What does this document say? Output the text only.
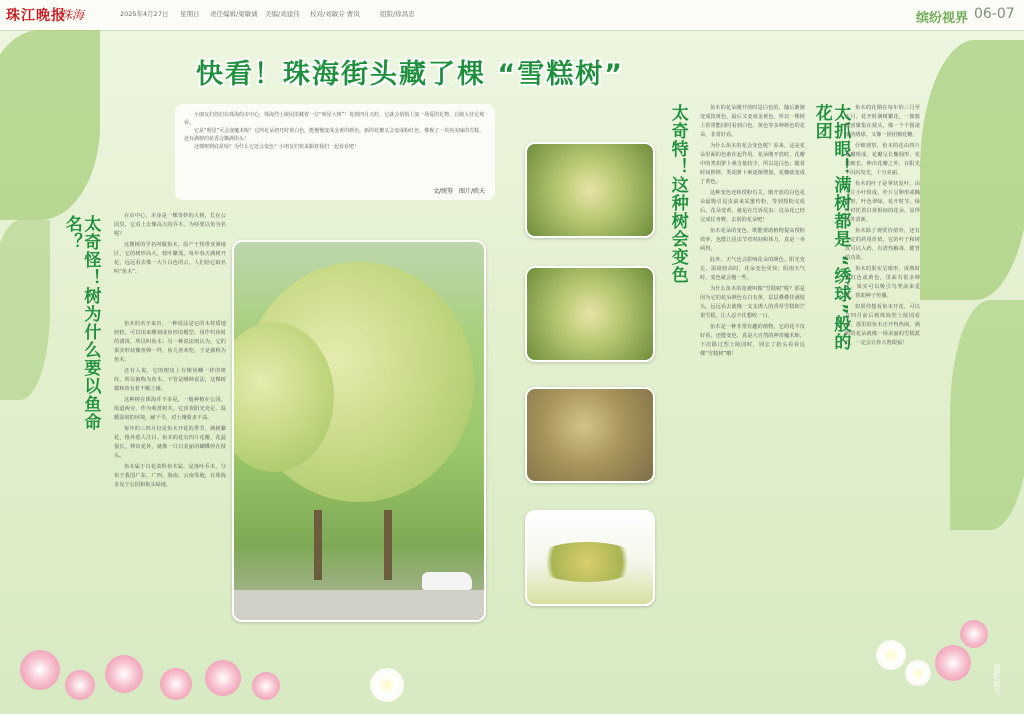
珠江晚报
珠海	2025年4月27日 星期日 责任编辑/梁敏诚 美编/刘建伟 校对/刘敏芬 曹岚	组版/徐昌忠	缤纷视界 06-07
快看！珠海街头藏了棵 “雪糕树”

小朋友们你们在珠海的市中心，珠海烈士陵园里藏着一位“明星大树”！每到四月天时，它就会悄悄上演一场爱的礼物，让路人驻足观看。

它是“明星”可会变魔术呢！它的花朵初开时黄白色，能慢慢变成金黄的颜色，新的花瓣又会变成粉红色，像极了一块块美味的雪糕，还有满树的花香会飘满街头！

这棵树到底是啥？为什么它还会变色？小朋友们快来跟着我们一起看看吧！

文/统筹　图片/欧天
太奇怪！树为什么要以鱼命名？	在市中心，本身是一棵奇妙的大树，长在公园里，它看上去像高大的乔木，为啥要以鱼为名呢？

这棵树的学名叫做鱼木，原产于热带亚洲地区，它的树形高大，枝叶繁茂，每年春天满树开花，远远看去像一大片白色的云。人们给它取名叫“鱼木”。

鱼木的名字来历，一种说法是它的木材质地轻软，可以用来雕刻成鱼形的模型，用作钓鱼时的诱饵，所以叫鱼木；另一种说法则认为，它的果实形状像鱼卵一样，鱼儿喜欢吃，于是被称为鱼木。

还有人说，它的树皮上有像鱼鳞一样的斑纹，所以被称为鱼木。不管是哪种说法，这棵树都和鱼有着不解之缘。

这种树在珠海并不多见，一般种植在公园、街道两旁，作为观赏树木。它喜欢阳光充足、温暖湿润的环境，耐干旱，对土壤要求不高。

每年的三四月份是鱼木开花的季节，满树繁花，格外惹人注目。鱼木的花有四片花瓣，花蕊很长，伸出花外，就像一只只美丽的蝴蝶停在枝头。

鱼木属于白花菜科鱼木属，是落叶乔木，分布于我国广东、广西、海南、云南等地，在珠海多见于公园和街头绿地。

太奇特！这种树会变色	鱼木的花朵刚开放时是白色的，随后渐渐变成淡黄色，最后又变成金黄色，所以一棵树上常常能同时看到白色、黄色等多种颜色的花朵，非常好看。

为什么鱼木的花会变色呢？原来，这是花朵里面的色素在起作用。花朵刚开放时，花瓣中的类胡萝卜素含量较少，所以是白色；随着时间推移，类胡萝卜素逐渐增加，花瓣就变成了黄色。

这种变色还和授粉有关。刚开放的白色花朵最吸引昆虫前来采蜜传粉，等到授粉完成后，花朵变黄，就是在告诉昆虫：这朵花已经完成任务啦，去别的花朵吧！

鱼木花朵的变色，既能帮助植物提高授粉效率，也能让昆虫节省时间和体力，真是一举两得。

此外，天气也会影响花朵的颜色。阳光充足、温度较高时，花朵变色更快；阴雨天气时，变色就会慢一些。

为什么鱼木的花被叫做“雪糕树”呢？那是因为它的花朵颜色有白有黄，层层叠叠挂满枝头，远远看去就像一支支诱人的香草雪糕和芒果雪糕，让人忍不住想咬一口。

鱼木是一种非常有趣的植物，它的花不仅好看，还能变色，真是大自然的神奇魔术师。下次路过烈士陵园时，别忘了抬头看看这棵“雪糕树”哦！

太抓眼！满树都是 “绣球”般的花团	鱼木的花期在每年的三月至五月，花开时满树繁花，一簇簇花团聚集在枝头，像一个个圆滚滚的绣球，又像一团团棉花糖。

仔细观察，鱼木的花由四片花瓣组成，花瓣呈长椭圆形，花蕊细长，伸出花瓣之外，在阳光下闪闪发光，十分美丽。

鱼木的叶子是掌状复叶，由三片小叶组成，叶片呈卵形或椭圆形，叶色翠绿，花开时节，绿叶衬托着白黄相间的花朵，显得格外清新。

鱼木除了观赏价值外，还有一定的药用价值。它的叶子和树皮可以入药，有清热解毒、健胃的功效。

鱼木的果实呈球形，成熟时为红色或黄色，里面有很多种子。果实可以吸引鸟类前来觅食，帮助种子传播。

如果你想看鱼木开花，可以在四月前后到珠海烈士陵园看看，那里的鱼木正开得热闹，满树的花朵就像一场美丽的雪糕派对，一定会让你大饱眼福！

摄影/欧天
